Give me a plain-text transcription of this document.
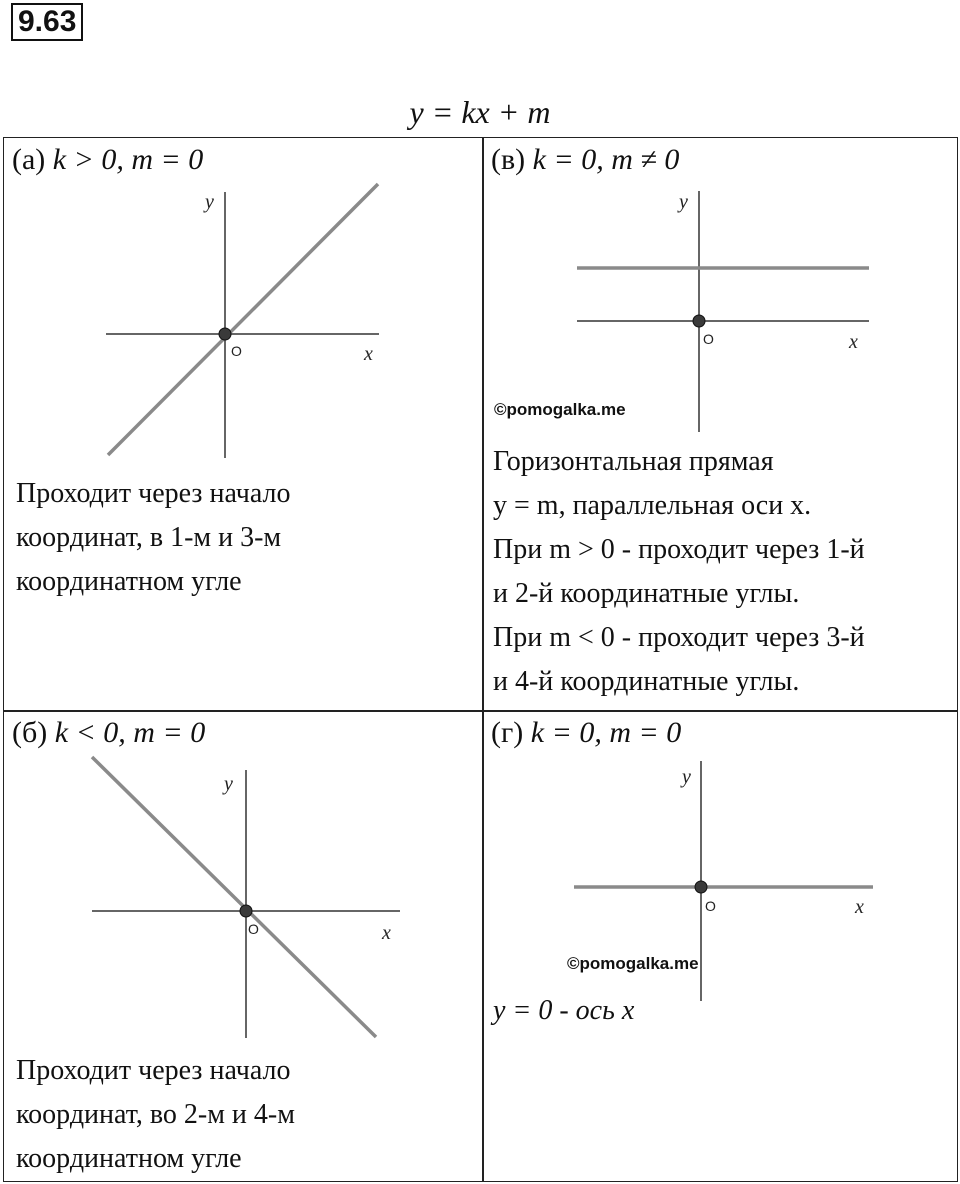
9.63
y = kx + m
(а) k > 0, m = 0
x
y
O

Проходит через начало

координат, в 1-м и 3-м

координатном угле

(в) k = 0, m ≠ 0
x
y
O
©pomogalka.me

Горизонтальная прямая

y = m, параллельная оси x.

При m > 0 - проходит через 1-й

и 2-й координатные углы.

При m < 0 - проходит через 3-й

и 4-й координатные углы.

(б) k < 0, m = 0
x
y
O

Проходит через начало

координат, во 2-м и 4-м

координатном угле

(г) k = 0, m = 0
x
y
O
©pomogalka.me

y = 0 - ось x
